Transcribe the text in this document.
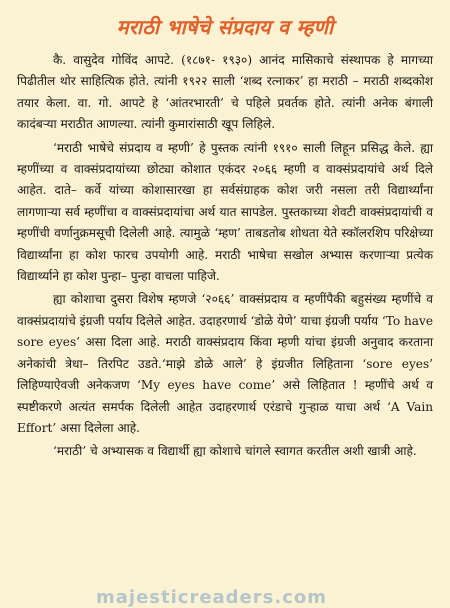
मराठी भाषेचे संप्रदाय व म्हणी

कै. वासुदेव गोविंद आपटे. (१८७१- १९३०) आनंद मासिकाचे संस्थापक हे मागच्या पिढीतील थोर साहित्यिक होते. त्यांनी १९२२ साली ‘शब्द रत्नाकर’ हा मराठी – मराठी शब्दकोश तयार केला. वा. गो. आपटे हे ‘आंतरभारती’ चे पहिले प्रवर्तक होते. त्यांनी अनेक बंगाली कादंबऱ्या मराठीत आणल्या. त्यांनी कुमारांसाठी खूप लिहिले.

‘मराठी भाषेचे संप्रदाय व म्हणी’ हे पुस्तक त्यांनी १९१० साली लिहून प्रसिद्ध केले. ह्या म्हणींच्या व वाक्संप्रदायांच्या छोट्या कोशात एकंदर २०६६ म्हणी व वाक्संप्रदायांचे अर्थ दिले आहेत. दाते– कर्वे यांच्या कोशासारखा हा सर्वसंग्राहक कोश जरी नसला तरी विद्यार्थ्यांना लागणाऱ्या सर्व म्हणींचा व वाक्संप्रदायांचा अर्थ यात सापडेल. पुस्तकाच्या शेवटी वाक्संप्रदायांची व म्हणींची वर्णानुक्रमसूची दिलेली आहे. त्यामुळे ‘म्हण’ ताबडतोब शोधता येते स्कॉलरशिप परिक्षेच्या विद्यार्थ्यांना हा कोश फारच उपयोगी आहे. मराठी भाषेचा सखोल अभ्यास करणाऱ्या प्रत्येक विद्यार्थ्याने हा कोश पुन्हा– पुन्हा वाचला पाहिजे.

ह्या कोशाचा दुसरा विशेष म्हणजे ‘२०६६’ वाक्संप्रदाय व म्हणींपैकी बहुसंख्य म्हणींचे व वाक्संप्रदायांचे इंग्रजी पर्याय दिलेले आहेत. उदाहरणार्थ ‘डोळे येणे’ याचा इंग्रजी पर्याय ‘To have sore eyes’ असा दिला आहे. मराठी वाक्संप्रदाय किंवा म्हणी यांचा इंग्रजी अनुवाद करताना अनेकांची त्रेधा– तिरपिट उडते.‘माझे डोळे आले’ हे इंग्रजीत लिहिताना ‘sore eyes’ लिहिण्याऐवजी अनेकजण ‘My eyes have come’ असे लिहितात ! म्हणींचे अर्थ व स्पष्टीकरणे अत्यंत समर्पक दिलेली आहेत उदाहरणार्थ एरंडाचे गुऱ्हाळ याचा अर्थ ‘A Vain Effort’ असा दिलेला आहे.

‘मराठी’ चे अभ्यासक व विद्यार्थी ह्या कोशाचे चांगले स्वागत करतील अशी खात्री आहे.

majesticreaders.com
